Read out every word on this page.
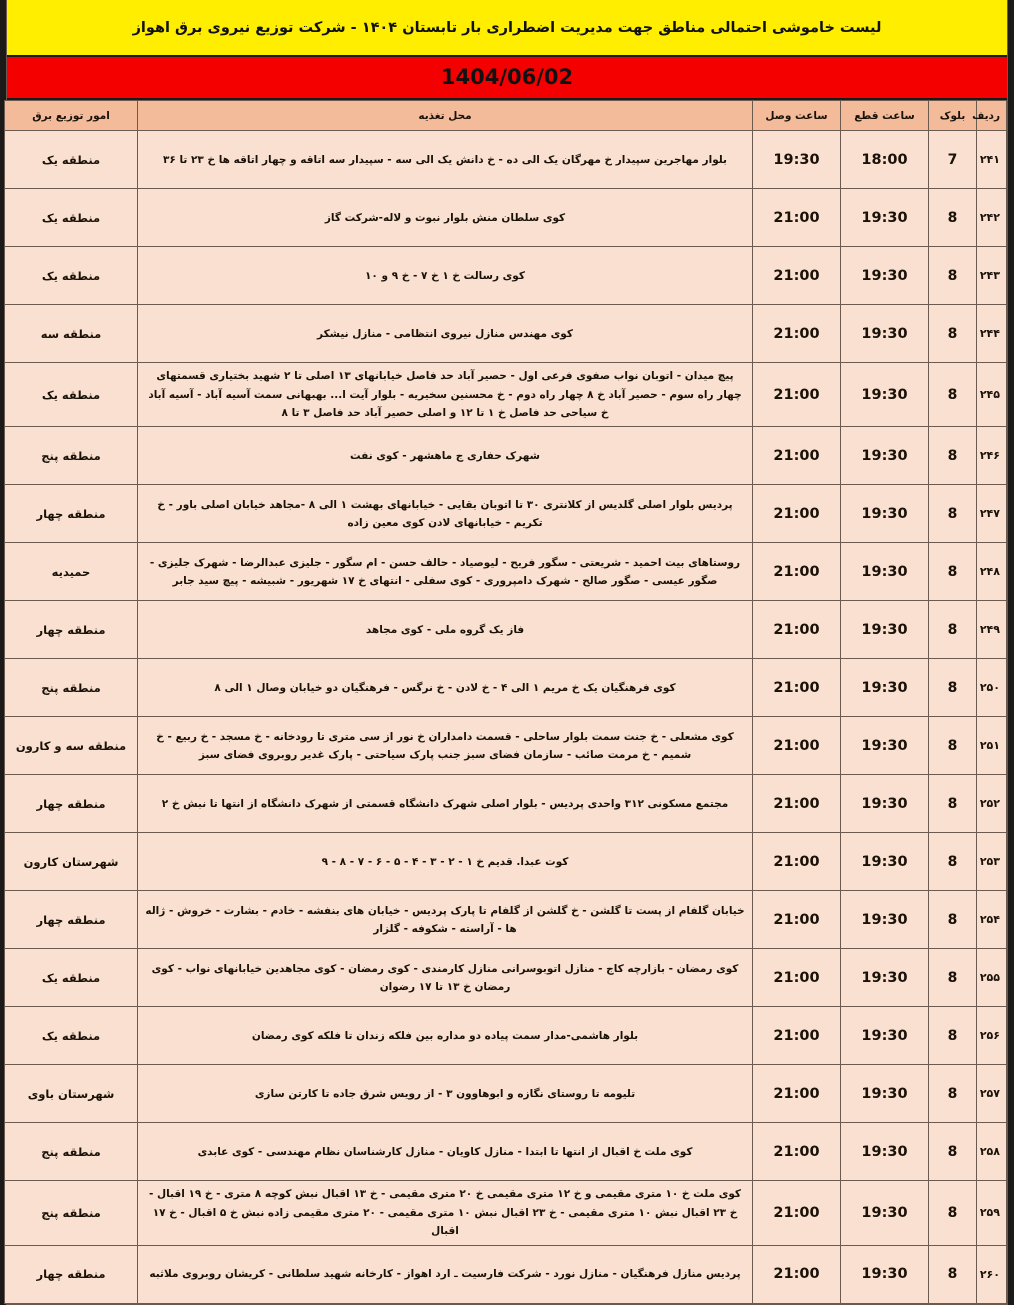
لیست خاموشی احتمالی مناطق جهت مدیریت اضطراری بار تابستان ۱۴۰۴ - شرکت توزیع نیروی برق اهواز
1404/06/02
ردیف	بلوک	ساعت قطع	ساعت وصل	محل تغذیه	امور توزیع برق
۲۴۱	7	18:00	19:30	بلوار مهاجرین سپیدار خ مهرگان یک الی ده - خ دانش یک الی سه - سپیدار سه اتاقه و چهار اتاقه ها خ ۲۳ تا ۳۶	منطقه یک
۲۴۲	8	19:30	21:00	کوی سلطان منش بلوار نبوت و لاله-شرکت گاز	منطقه یک
۲۴۳	8	19:30	21:00	کوی رسالت خ ۱ خ ۷ - خ ۹ و ۱۰	منطقه یک
۲۴۴	8	19:30	21:00	کوی مهندس منازل نیروی انتظامی - منازل نیشکر	منطقه سه
۲۴۵	8	19:30	21:00	پیچ میدان - اتوبان نواب صفوی فرعی اول - حصیر آباد حد فاصل خیابانهای ۱۳ اصلی تا ۲ شهید بختیاری قسمتهای چهار راه سوم - حصیر آباد خ ۸ چهار راه دوم - خ محسنین سخیریه - بلوار آیت ا... بهبهانی سمت آسیه آباد - آسیه آباد خ سیاحی حد فاصل خ ۱ تا ۱۲ و اصلی حصیر آباد حد فاصل ۳ تا ۸	منطقه یک
۲۴۶	8	19:30	21:00	شهرک حفاری ج ماهشهر - کوی نفت	منطقه پنج
۲۴۷	8	19:30	21:00	پردیس بلوار اصلی گلدیس از کلانتری ۳۰ تا اتوبان بقایی - خیابانهای بهشت ۱ الی ۸ -مجاهد خیابان اصلی باور - خ تکریم - خیابانهای لادن کوی معین زاده	منطقه چهار
۲۴۸	8	19:30	21:00	روستاهای بیت احمید - شریعتی - سگور فریح - لیوصیاد - حالف حسن - ام سگور - جلیزی عبدالرضا - شهرک جلیزی - صگور عیسی - صگور صالح - شهرک دامپروری - کوی سفلی - انتهای خ ۱۷ شهریور - شبیشه - پیچ سید جابر	حمیدیه
۲۴۹	8	19:30	21:00	فاز یک گروه ملی - کوی مجاهد	منطقه چهار
۲۵۰	8	19:30	21:00	کوی فرهنگیان یک خ مریم ۱ الی ۴ - خ لادن - خ نرگس - فرهنگیان دو خیابان وصال ۱ الی ۸	منطقه پنج
۲۵۱	8	19:30	21:00	کوی مشعلی - خ جنت سمت بلوار ساحلی - قسمت دامداران خ نور از سی متری تا رودخانه - خ مسجد - خ ربیع - خ شمیم - خ مرمت صائب - سازمان فضای سبز جنب پارک سیاحتی - پارک غدیر روبروی فضای سبز	منطقه سه و کارون
۲۵۲	8	19:30	21:00	مجتمع مسکونی ۳۱۲ واحدی پردیس - بلوار اصلی شهرک دانشگاه قسمتی از شهرک دانشگاه از انتها تا نبش خ ۲	منطقه چهار
۲۵۳	8	19:30	21:00	کوت عبدا. قدیم خ ۱ - ۲ - ۳ - ۴ - ۵ - ۶ - ۷ - ۸ - ۹	شهرستان کارون
۲۵۴	8	19:30	21:00	خیابان گلفام از پست تا گلشن - خ گلشن از گلفام تا پارک پردیس - خیابان های بنفشه - خادم - بشارت - خروش - ژاله ها - آراسته - شکوفه - گلزار	منطقه چهار
۲۵۵	8	19:30	21:00	کوی رمضان - بازارچه کاج - منازل اتوبوسرانی منازل کارمندی - کوی رمضان - کوی مجاهدین خیابانهای نواب - کوی رمضان خ ۱۳ تا ۱۷ رضوان	منطقه یک
۲۵۶	8	19:30	21:00	بلوار هاشمی-مدار سمت پیاده دو مداره بین فلکه زندان تا فلکه کوی رمضان	منطقه یک
۲۵۷	8	19:30	21:00	تلیومه تا روستای نگازه و ابوهاوون ۳ - از رویس شرق جاده تا کارتن سازی	شهرستان باوی
۲۵۸	8	19:30	21:00	کوی ملت خ اقبال از انتها تا ابتدا - منازل کاویان - منازل کارشناسان نظام مهندسی - کوی عابدی	منطقه پنج
۲۵۹	8	19:30	21:00	کوی ملت خ ۱۰ متری مقیمی و خ ۱۲ متری مقیمی خ ۲۰ متری مقیمی - خ ۱۳ اقبال نبش کوچه ۸ متری - خ ۱۹ اقبال - خ ۲۳ اقبال نبش ۱۰ متری مقیمی - خ ۲۳ اقبال نبش ۱۰ متری مقیمی - ۲۰ متری مقیمی زاده نبش خ ۵ اقبال - خ ۱۷ اقبال	منطقه پنج
۲۶۰	8	19:30	21:00	پردیس منازل فرهنگیان - منازل نورد - شرکت فارسیت ـ ارد اهواز - کارخانه شهید سلطانی - کریشان روبروی ملاثبه	منطقه چهار
